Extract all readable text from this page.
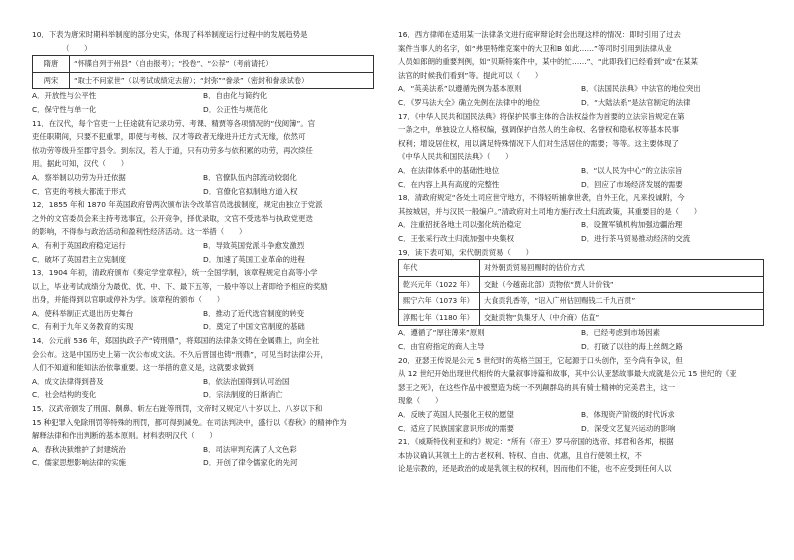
10．下表为唐宋时期科举制度的部分史实，体现了科举制度运行过程中的发展趋势是
（　　）
隋唐	“怀牒自列于州县”（自由报考）；“投卷”、“公荐”（考前请托）
两宋	“取士不问家世”（以考试成绩定去留）；“封弥”“誊录”（密封和誊录试卷）
A．开放性与公平性	B．自由化与简约化
C．保守性与单一化	D．公正性与规范化
11．在汉代，每个官吏一上任途就有记录功劳、考课、精贾等各项情况的“伐阅簿”。官
吏任职期间，只要不犯重罪，即使与考核、汉才等政者无缘进升迁方式无缘，依然可
依功劳等级升至郡守县令。到东汉，若人于道，只有功劳多与依积累的功劳，再次续任
用。据此可知，汉代（　　）
A．察举制以功劳为升迁依据	B．官僚队伍内部流动较弱化
C．官吏的考核大都流于形式	D．官僚化官拟制地方道入权
12．1855 年和 1870 年英国政府曾两次颁布法令改革官员选拔制度，规定由独立于党派
之外的文官委员会来主持考选事宜，公开竞争，择优录取，文官不受选举与执政党更迭
的影响，不得参与政治活动和盈利性经济活动。这一举措（　　）
A．有利于英国政府稳定运行	B．导致英国党派斗争愈发激烈
C．破坏了英国君主立宪制度	D．加速了英国工业革命的进程
13．1904 年初，清政府颁布《奏定学堂章程》，统一全国学制，该章程规定自高等小学
以上，毕业考试成绩分为最优、优、中、下、最下五等，一般中等以上者即给予相应的奖励
出身，并能得到以官职或停补为学。该章程的颁布（　　）
A．使科举制正式退出历史舞台	B．推动了近代选官制度的转变
C．有利于九年义务教育的实现	D．奠定了中国文官制度的基础
14．公元前 536 年，郑国执政子产“铸刑鼎”，将郑国的法律条文铸在金属鼎上，向全社
会公布。这是中国历史上第一次公布成文法。不久后晋国也铸“刑鼎”，可见当时法律公开，
人们不知道和能知法治依靠重要。这一举措的意义是，这就要求做到
A．成文法律得到普及	B．依法治国得到认可治国
C．社会结构的变化	D．宗法制度的日渐消亡
15．汉武帝颁发了刑面、劓鼻、斩左右趾等刑罚，文帝时又规定八十岁以上、八岁以下和
15 种犯罪入免除刑罚等特殊的刑罚，都可得到减免。在司法判决中，盛行以《春秋》的精神作为
解释法律和作出判断的基本原则。材料表明汉代（　　）
A．春秋决狱维护了封建统治	B．司法审判充满了人文色彩
C．儒家思想影响法律的实施	D．开创了律令儒家化的先河
16．西方律师在适用某一法律条文进行庭审辩论时会出现这样的情况：即时引用了过去
案件当事人的名字，如“弗里特维克案中的大卫和B 如此……”等司时引用到法律从业
人员如郎朗的重要判例，如“贝斯特案件中，某中的忙……”、“此即我们已经看到”或“在某某
法官的时候我们看到”等。提此可以（　　）
A．“英美法系”以遵循先例为基本原则	B．《法国民法典》中法官的地位突出
C．《罗马法大全》确立先例在法律中的地位	D．“大陆法系”是法官制定的法律
17．《中华人民共和国民法典》将保护民事主体的合法权益作为首要的立法宗旨规定在第
一条之中，单独设立人格权编，强调保护自然人的生命权、名誉权和隐私权等基本民事
权利；增设居住权，用以满足特殊情况下人们对生活居住的需要；等等。这主要体现了
《中华人民共和国民法典》（　　）
A．在法律体系中的基础性地位	B．“以人民为中心”的立法宗旨
C．在内容上具有高度的完整性	D．回应了市场经济发展的需要
18．清政府规定“各处土司应世守地方，不得轻听捕拿世袭，自外王化，凡来投诚附，今
其按城居，并与汉民一般编户。”清政府对土司地方施行改土归流政策，其重要目的是（　　）
A．注重招抚各地土司以强化统治稳定	B．设置军镇机构加强边疆治理
C．王张采行改土归流加强中央集权	D．进行茶马贸易推动经济的交流
19．读下表可知，宋代朝贡贸易（　　）
年代	对外朝贡贸易回赐时的估价方式
乾兴元年（1022 年）	交趾（今越南北部）贡物依“贾人计价钱”
熙宁六年（1073 年）	大食贡乳香等，“诏入广州估回赐钱二千九百贯”
淳熙七年（1180 年）	交趾贡物“负集牙人（中介商）估直”
A．遵循了“厚往薄来”原则	B．已经考虑到市场因素
C．由官府指定的商人主导	D．打破了以往的海上丝绸之路
20．亚瑟王传说是公元 5 世纪时的英格兰国王，它起源于口头创作，至今尚有争议，但
从 12 世纪开始出现世代相传的大量叙事诗篇和故事，其中公认亚瑟故事最大成就是公元 15 世纪的《亚
瑟王之死》，在这些作品中被塑造为统一不列颠群岛的具有骑士精神的完美君主，这一
现象（　　）
A．反映了英国人民强化王权的愿望	B．体现资产阶级的时代诉求
C．适应了民族国家意识形成的需要	D．深受文艺复兴运动的影响
21．《威斯特伐利亚和约》规定：“所有（帝王）罗马帝国的选帝、邦君和各邦，根据
本协议确认其领土上的古老权利、特权、自由、优惠，且自行使领土权，不
论是宗教的，还是政治的或是乳领主权的权利，因而他们不能，也不应受到任何人以
